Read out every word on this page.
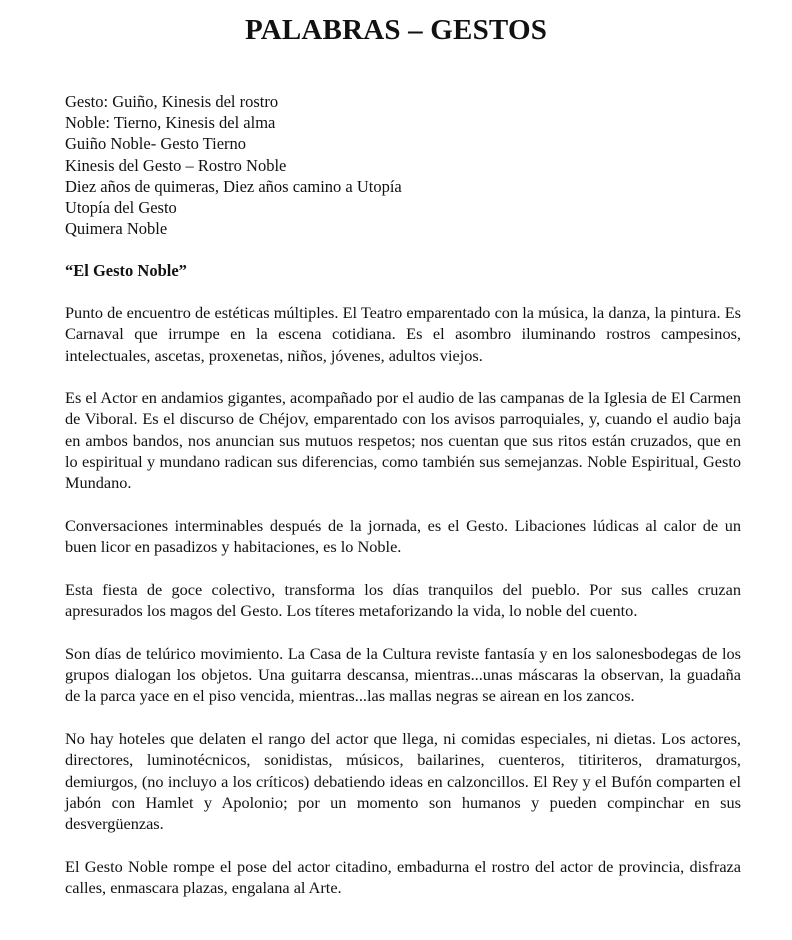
PALABRAS – GESTOS
Gesto: Guiño, Kinesis del rostro
Noble: Tierno, Kinesis del alma
Guiño Noble- Gesto Tierno
Kinesis del Gesto – Rostro Noble
Diez años de quimeras, Diez años camino a Utopía
Utopía del Gesto
Quimera Noble
“El Gesto Noble”

Punto de encuentro de estéticas múltiples. El Teatro emparentado con la música, la danza, la pintura. Es Carnaval que irrumpe en la escena cotidiana. Es el asombro iluminando rostros campesinos, intelectuales, ascetas, proxenetas, niños, jóvenes, adultos viejos.

Es el Actor en andamios gigantes, acompañado por el audio de las campanas de la Iglesia de El Carmen de Viboral. Es el discurso de Chéjov, emparentado con los avisos parroquiales, y, cuando el audio baja en ambos bandos, nos anuncian sus mutuos respetos; nos cuentan que sus ritos están cruzados, que en lo espiritual y mundano radican sus diferencias, como también sus semejanzas. Noble Espiritual, Gesto Mundano.

Conversaciones interminables después de la jornada, es el Gesto. Libaciones lúdicas al calor de un buen licor en pasadizos y habitaciones, es lo Noble.

Esta fiesta de goce colectivo, transforma los días tranquilos del pueblo. Por sus calles cruzan apresurados los magos del Gesto. Los títeres metaforizando la vida, lo noble del cuento.

Son días de telúrico movimiento. La Casa de la Cultura reviste fantasía y en los salonesbodegas de los grupos dialogan los objetos. Una guitarra descansa, mientras...unas máscaras la observan, la guadaña de la parca yace en el piso vencida, mientras...las mallas negras se airean en los zancos.

No hay hoteles que delaten el rango del actor que llega, ni comidas especiales, ni dietas. Los actores, directores, luminotécnicos, sonidistas, músicos, bailarines, cuenteros, titiriteros, dramaturgos, demiurgos, (no incluyo a los críticos) debatiendo ideas en calzoncillos. El Rey y el Bufón comparten el jabón con Hamlet y Apolonio; por un momento son humanos y pueden compinchar en sus desvergüenzas.

El Gesto Noble rompe el pose del actor citadino, embadurna el rostro del actor de provincia, disfraza calles, enmascara plazas, engalana al Arte.
